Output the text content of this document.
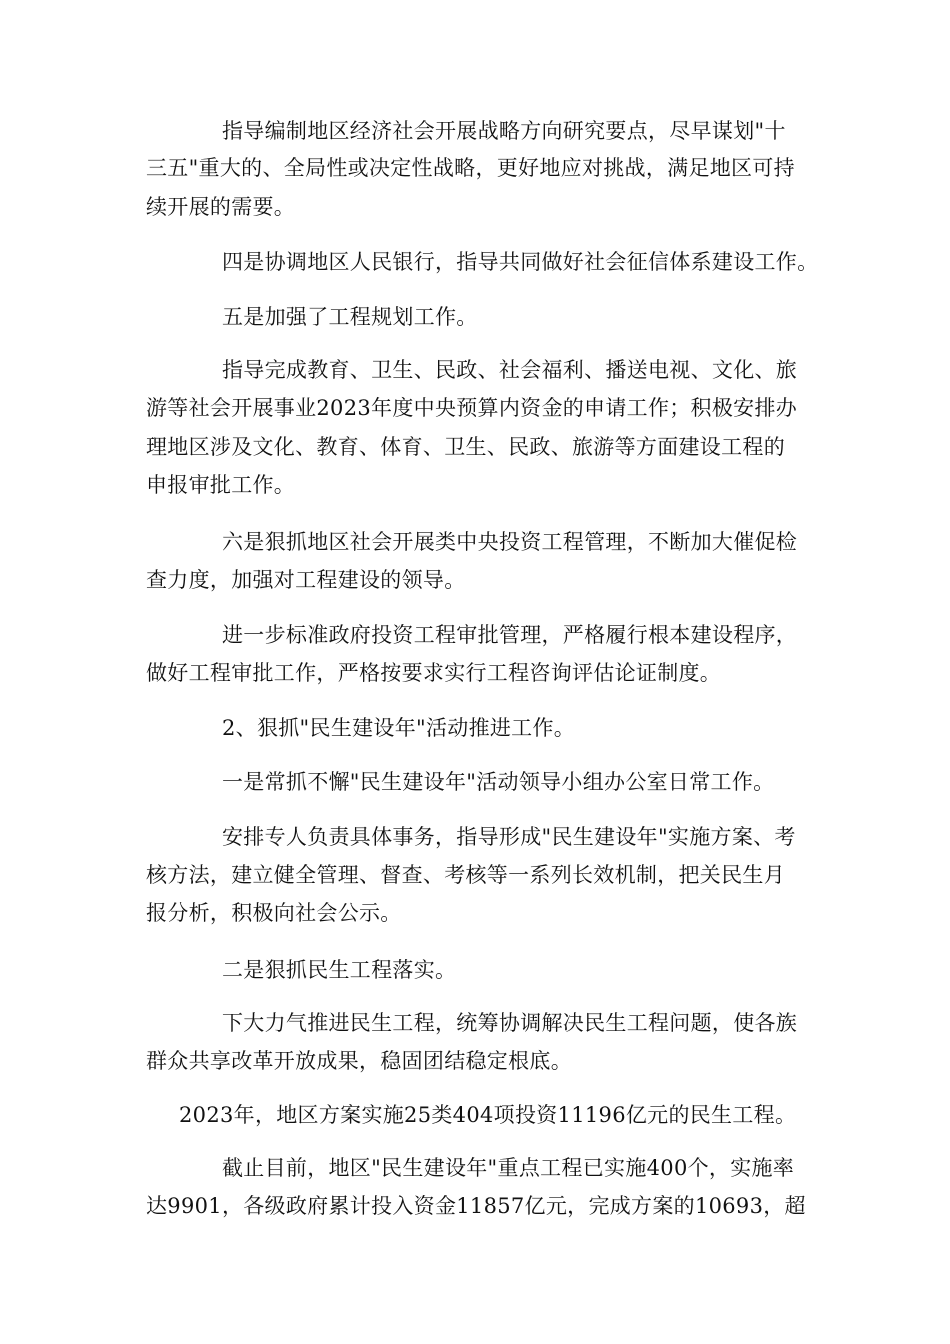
指导编制地区经济社会开展战略方向研究要点，尽早谋划"十
三五"重大的、全局性或决定性战略，更好地应对挑战，满足地区可持
续开展的需要。
四是协调地区人民银行，指导共同做好社会征信体系建设工作。
五是加强了工程规划工作。
指导完成教育、卫生、民政、社会福利、播送电视、文化、旅
游等社会开展事业2023年度中央预算内资金的申请工作；积极安排办
理地区涉及文化、教育、体育、卫生、民政、旅游等方面建设工程的
申报审批工作。
六是狠抓地区社会开展类中央投资工程管理，不断加大催促检
查力度，加强对工程建设的领导。
进一步标准政府投资工程审批管理，严格履行根本建设程序，
做好工程审批工作，严格按要求实行工程咨询评估论证制度。
2、狠抓"民生建设年"活动推进工作。
一是常抓不懈"民生建设年"活动领导小组办公室日常工作。
安排专人负责具体事务，指导形成"民生建设年"实施方案、考
核方法，建立健全管理、督查、考核等一系列长效机制，把关民生月
报分析，积极向社会公示。
二是狠抓民生工程落实。
下大力气推进民生工程，统筹协调解决民生工程问题，使各族
群众共享改革开放成果，稳固团结稳定根底。
2023年，地区方案实施25类404项投资11196亿元的民生工程。
截止目前，地区"民生建设年"重点工程已实施400个，实施率
达9901，各级政府累计投入资金11857亿元，完成方案的10693，超
